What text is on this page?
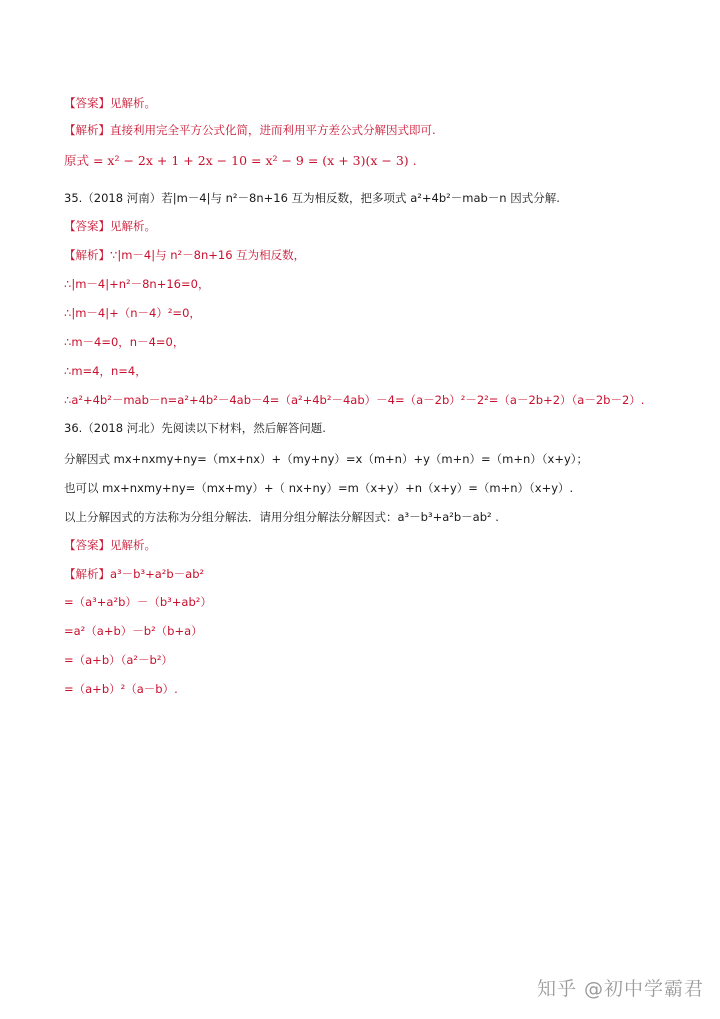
【答案】见解析。
【解析】直接利用完全平方公式化简，进而利用平方差公式分解因式即可.
原式 = x² − 2x + 1 + 2x − 10 = x² − 9 = (x + 3)(x − 3) .
35.（2018 河南）若|m－4|与 n²－8n+16 互为相反数，把多项式 a²+4b²－mab－n 因式分解.
【答案】见解析。
【解析】∵|m－4|与 n²－8n+16 互为相反数，
∴|m－4|+n²－8n+16=0，
∴|m－4|+（n－4）²=0，
∴m－4=0，n－4=0，
∴m=4，n=4，
∴a²+4b²－mab－n=a²+4b²－4ab－4=（a²+4b²－4ab）－4=（a－2b）²－2²=（a－2b+2）（a－2b－2）.
36.（2018 河北）先阅读以下材料，然后解答问题.
分解因式 mx+nxmy+ny=（mx+nx）+（my+ny）=x（m+n）+y（m+n）=（m+n）（x+y）；
也可以 mx+nxmy+ny=（mx+my）+（ nx+ny）=m（x+y）+n（x+y）=（m+n）（x+y）.
以上分解因式的方法称为分组分解法．请用分组分解法分解因式：a³－b³+a²b－ab² .
【答案】见解析。
【解析】a³－b³+a²b－ab²
=（a³+a²b）－（b³+ab²）
=a²（a+b）－b²（b+a）
=（a+b）（a²－b²）
=（a+b）²（a－b）.
知乎 @初中学霸君
